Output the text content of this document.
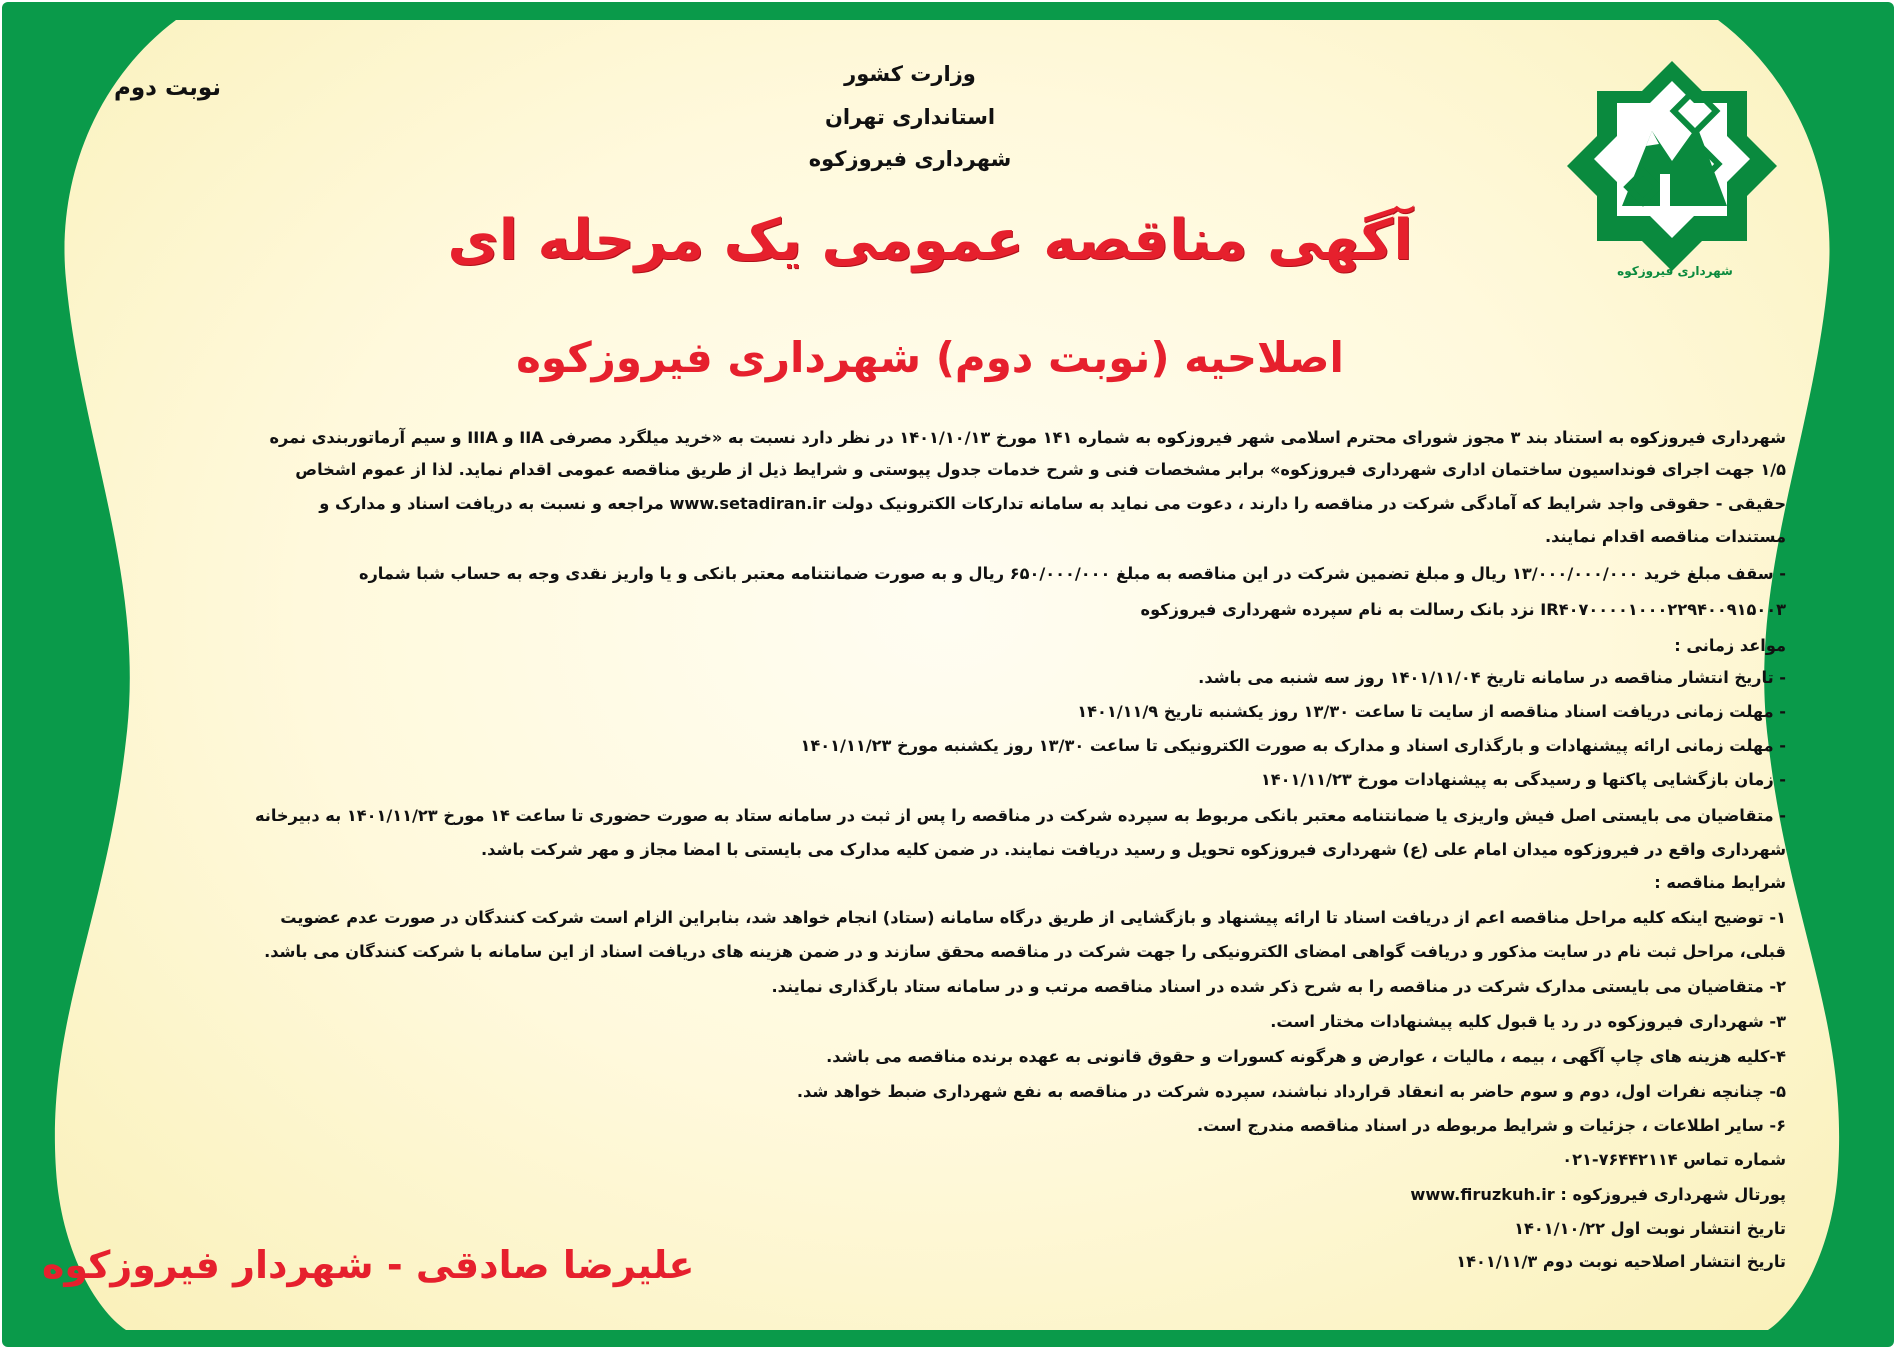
شهرداری فیروزکوه

وزارت کشور

استانداری تهران

شهرداری فیروزکوه

نوبت دوم

آگهی مناقصه عمومی یک مرحله ای
اصلاحیه (نوبت دوم) شهرداری فیروزکوه

شهرداری فیروزکوه به استناد بند ۳ مجوز شورای محترم اسلامی شهر فیروزکوه به شماره ۱۴۱ مورخ ۱۴۰۱/۱۰/۱۳ در نظر دارد نسبت به «خرید میلگرد مصرفی IIA و IIIA و سیم آرماتوربندی نمره

۱/۵ جهت اجرای فونداسیون ساختمان اداری شهرداری فیروزکوه» برابر مشخصات فنی و شرح خدمات جدول پیوستی و شرایط ذیل از طریق مناقصه عمومی اقدام نماید. لذا از عموم اشخاص

حقیقی - حقوقی واجد شرایط که آمادگی شرکت در مناقصه را دارند ، دعوت می نماید به سامانه تدارکات الکترونیک دولت www.setadiran.ir مراجعه و نسبت به دریافت اسناد و مدارک و

مستندات مناقصه اقدام نمایند.

- سقف مبلغ خرید ۱۳/۰۰۰/۰۰۰/۰۰۰ ریال و مبلغ تضمین شرکت در این مناقصه به مبلغ ۶۵۰/۰۰۰/۰۰۰ ریال و به صورت ضمانتنامه معتبر بانکی و یا واریز نقدی وجه به حساب شبا شماره

IR۴۰۷۰۰۰۰۱۰۰۰۲۲۹۴۰۰۹۱۵۰۰۳ نزد بانک رسالت به نام سپرده شهرداری فیروزکوه

مواعد زمانی :

- تاریخ انتشار مناقصه در سامانه تاریخ ۱۴۰۱/۱۱/۰۴ روز سه شنبه می باشد.

- مهلت زمانی دریافت اسناد مناقصه از سایت تا ساعت ۱۳/۳۰ روز یکشنبه تاریخ ۱۴۰۱/۱۱/۹

- مهلت زمانی ارائه پیشنهادات و بارگذاری اسناد و مدارک به صورت الکترونیکی تا ساعت ۱۳/۳۰ روز یکشنبه مورخ ۱۴۰۱/۱۱/۲۳

- زمان بازگشایی پاکتها و رسیدگی به پیشنهادات مورخ ۱۴۰۱/۱۱/۲۳

- متقاضیان می بایستی اصل فیش واریزی یا ضمانتنامه معتبر بانکی مربوط به سپرده شرکت در مناقصه را پس از ثبت در سامانه ستاد به صورت حضوری تا ساعت ۱۴ مورخ ۱۴۰۱/۱۱/۲۳ به دبیرخانه

شهرداری واقع در فیروزکوه میدان امام علی (ع) شهرداری فیروزکوه تحویل و رسید دریافت نمایند. در ضمن کلیه مدارک می بایستی با امضا مجاز و مهر شرکت باشد.

شرایط مناقصه :

۱- توضیح اینکه کلیه مراحل مناقصه اعم از دریافت اسناد تا ارائه پیشنهاد و بازگشایی از طریق درگاه سامانه (ستاد) انجام خواهد شد، بنابراین الزام است شرکت کنندگان در صورت عدم عضویت

قبلی، مراحل ثبت نام در سایت مذکور و دریافت گواهی امضای الکترونیکی را جهت شرکت در مناقصه محقق سازند و در ضمن هزینه های دریافت اسناد از این سامانه با شرکت کنندگان می باشد.

۲- متقاضیان می بایستی مدارک شرکت در مناقصه را به شرح ذکر شده در اسناد مناقصه مرتب و در سامانه ستاد بارگذاری نمایند.

۳- شهرداری فیروزکوه در رد یا قبول کلیه پیشنهادات مختار است.

۴-کلیه هزینه های چاپ آگهی ، بیمه ، مالیات ، عوارض و هرگونه کسورات و حقوق قانونی به عهده برنده مناقصه می باشد.

۵- چنانچه نفرات اول، دوم و سوم حاضر به انعقاد قرارداد نباشند، سپرده شرکت در مناقصه به نفع شهرداری ضبط خواهد شد.

۶- سایر اطلاعات ، جزئیات و شرایط مربوطه در اسناد مناقصه مندرج است.

شماره تماس ۷۶۴۴۲۱۱۴-۰۲۱

پورتال شهرداری فیروزکوه : www.firuzkuh.ir

تاریخ انتشار نوبت اول ۱۴۰۱/۱۰/۲۲

تاریخ انتشار اصلاحیه نوبت دوم ۱۴۰۱/۱۱/۳

علیرضا صادقی - شهردار فیروزکوه
